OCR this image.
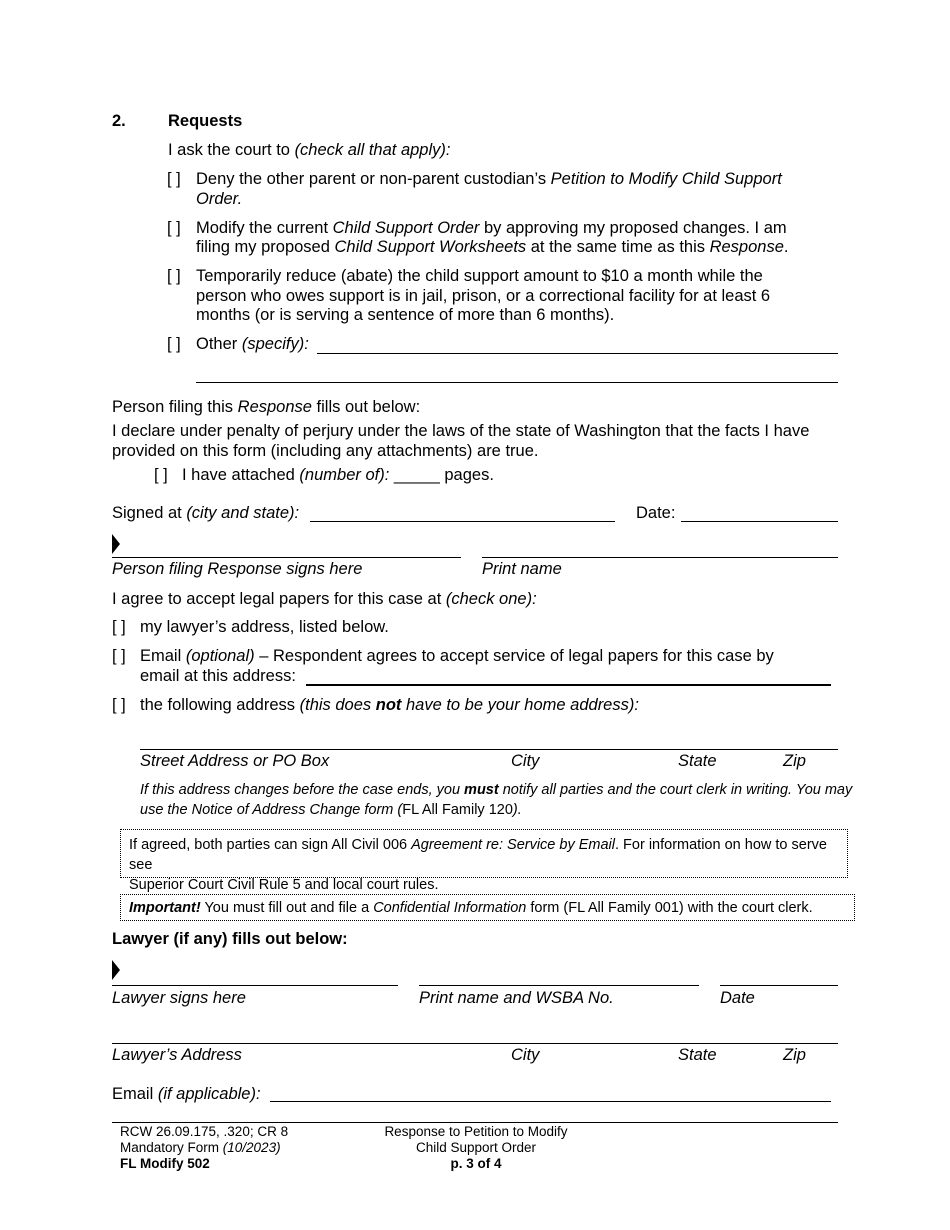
2.	Requests
I ask the court to (check all that apply):
[ ] Deny the other parent or non-parent custodian’s Petition to Modify Child Support
Order.
[ ] Modify the current Child Support Order by approving my proposed changes. I am
filing my proposed Child Support Worksheets at the same time as this Response.
[ ] Temporarily reduce (abate) the child support amount to $10 a month while the
person who owes support is in jail, prison, or a correctional facility for at least 6
months (or is serving a sentence of more than 6 months).
[ ] Other (specify):
Person filing this Response fills out below:
I declare under penalty of perjury under the laws of the state of Washington that the facts I have
provided on this form (including any attachments) are true.
[ ] I have attached (number of): _____ pages.
Signed at (city and state):	Date:
Person filing Response signs here	Print name
I agree to accept legal papers for this case at (check one):
[ ] my lawyer’s address, listed below.
[ ] Email (optional) – Respondent agrees to accept service of legal papers for this case by
email at this address:
[ ] the following address (this does not have to be your home address):
Street Address or PO Box	City	State	Zip
If this address changes before the case ends, you must notify all parties and the court clerk in writing. You may
use the Notice of Address Change form (FL All Family 120).
If agreed, both parties can sign All Civil 006 Agreement re: Service by Email. For information on how to serve see
Superior Court Civil Rule 5 and local court rules.
Important! You must fill out and file a Confidential Information form (FL All Family 001) with the court clerk.
Lawyer (if any) fills out below:
Lawyer signs here	Print name and WSBA No.	Date
Lawyer’s Address	City	State	Zip
Email (if applicable):
RCW 26.09.175, .320; CR 8
Mandatory Form (10/2023)
FL Modify 502
Response to Petition to Modify
Child Support Order
p. 3 of 4
